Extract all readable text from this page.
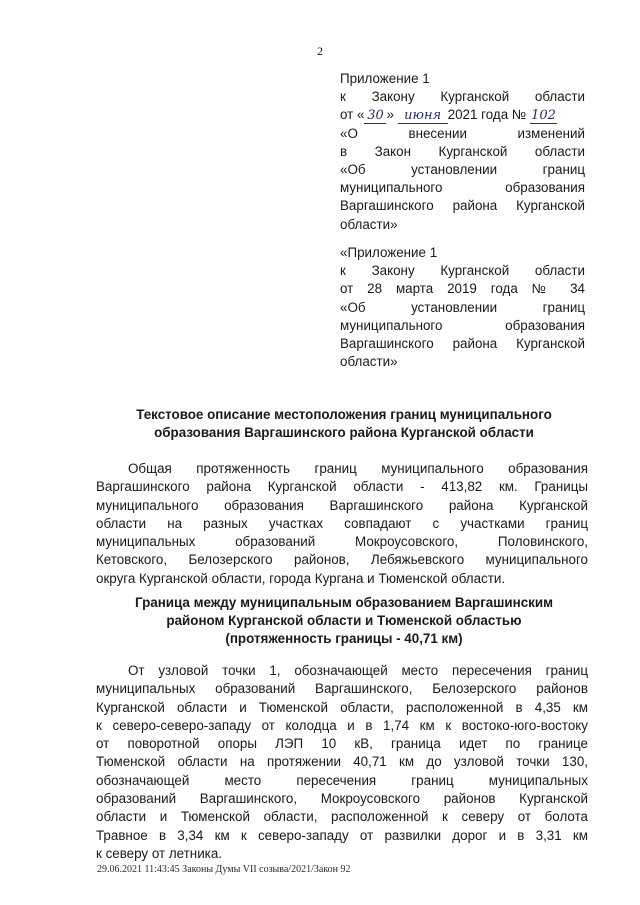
2
Приложение 1
к Закону Курганской области
от « 30 » июня 2021 года № 102
«О внесении изменений
в Закон Курганской области
«Об установлении границ
муниципального образования
Варгашинского района Курганской
области»
«Приложение 1
к Закону Курганской области
от 28 марта 2019 года № 34
«Об установлении границ
муниципального образования
Варгашинского района Курганской
области»
Текстовое описание местоположения границ муниципального
образования Варгашинского района Курганской области
Общая протяженность границ муниципального образования
Варгашинского района Курганской области - 413,82 км. Границы
муниципального образования Варгашинского района Курганской
области на разных участках совпадают с участками границ
муниципальных образований Мокроусовского, Половинского,
Кетовского, Белозерского районов, Лебяжьевского муниципального
округа Курганской области, города Кургана и Тюменской области.
Граница между муниципальным образованием Варгашинским
районом Курганской области и Тюменской областью
(протяженность границы - 40,71 км)
От узловой точки 1, обозначающей место пересечения границ
муниципальных образований Варгашинского, Белозерского районов
Курганской области и Тюменской области, расположенной в 4,35 км
к северо-северо-западу от колодца и в 1,74 км к востоко-юго-востоку
от поворотной опоры ЛЭП 10 кВ, граница идет по границе
Тюменской области на протяжении 40,71 км до узловой точки 130,
обозначающей место пересечения границ муниципальных
образований Варгашинского, Мокроусовского районов Курганской
области и Тюменской области, расположенной к северу от болота
Травное в 3,34 км к северо-западу от развилки дорог и в 3,31 км
к северу от летника.
29.06.2021 11:43:45 Законы Думы VII созыва/2021/Закон 92
